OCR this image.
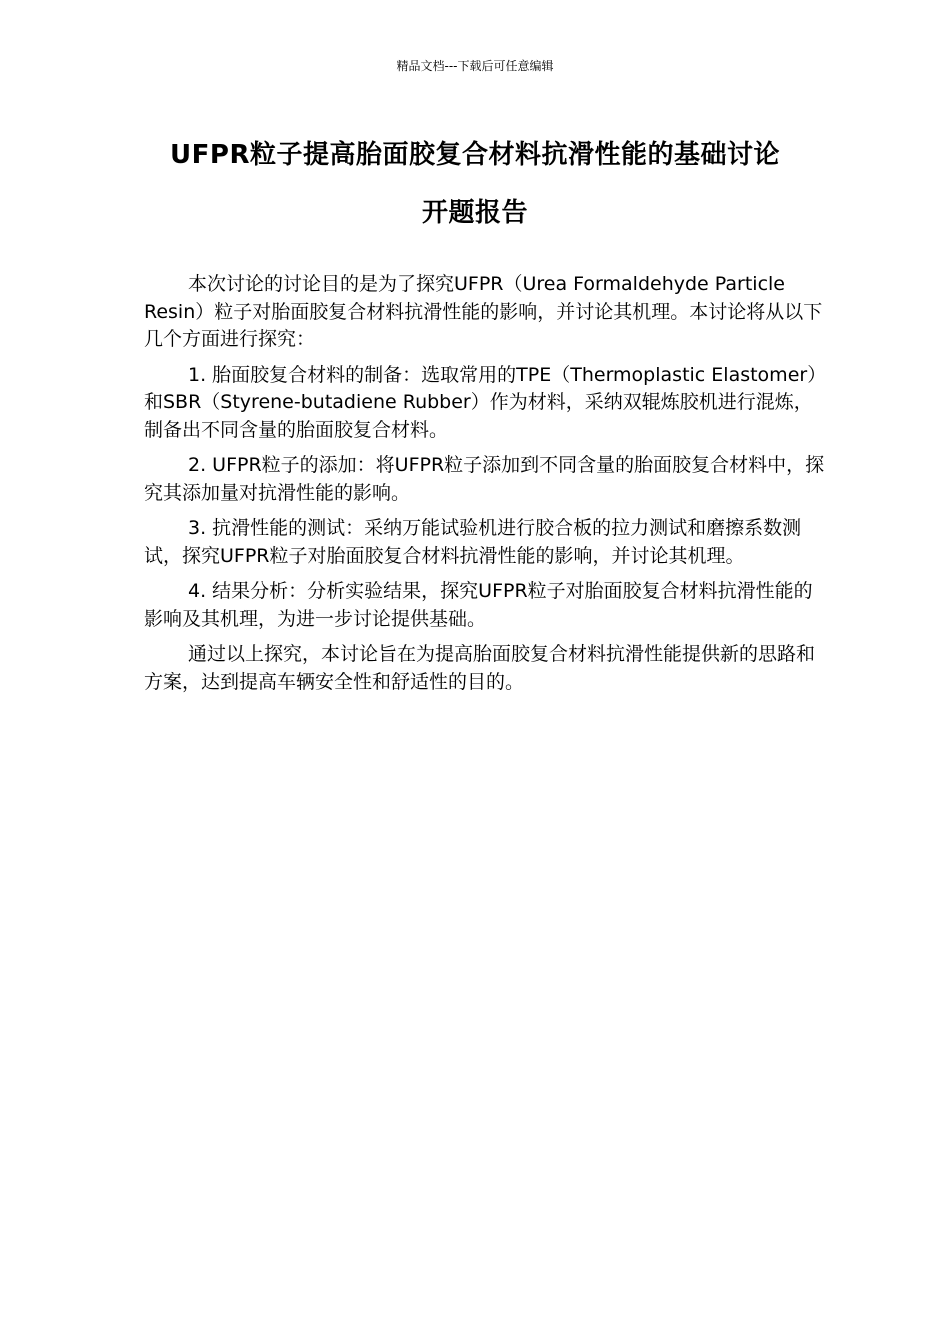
精品文档---下载后可任意编辑
UFPR粒子提高胎面胶复合材料抗滑性能的基础讨论
开题报告

本次讨论的讨论目的是为了探究UFPR（Urea Formaldehyde Particle Resin）粒子对胎面胶复合材料抗滑性能的影响，并讨论其机理。本讨论将从以下几个方面进行探究：

1. 胎面胶复合材料的制备：选取常用的TPE（Thermoplastic Elastomer）和SBR（Styrene-butadiene Rubber）作为材料，采纳双辊炼胶机进行混炼，制备出不同含量的胎面胶复合材料。

2. UFPR粒子的添加：将UFPR粒子添加到不同含量的胎面胶复合材料中，探究其添加量对抗滑性能的影响。

3. 抗滑性能的测试：采纳万能试验机进行胶合板的拉力测试和磨擦系数测试，探究UFPR粒子对胎面胶复合材料抗滑性能的影响，并讨论其机理。

4. 结果分析：分析实验结果，探究UFPR粒子对胎面胶复合材料抗滑性能的影响及其机理，为进一步讨论提供基础。

通过以上探究，本讨论旨在为提高胎面胶复合材料抗滑性能提供新的思路和方案，达到提高车辆安全性和舒适性的目的。
